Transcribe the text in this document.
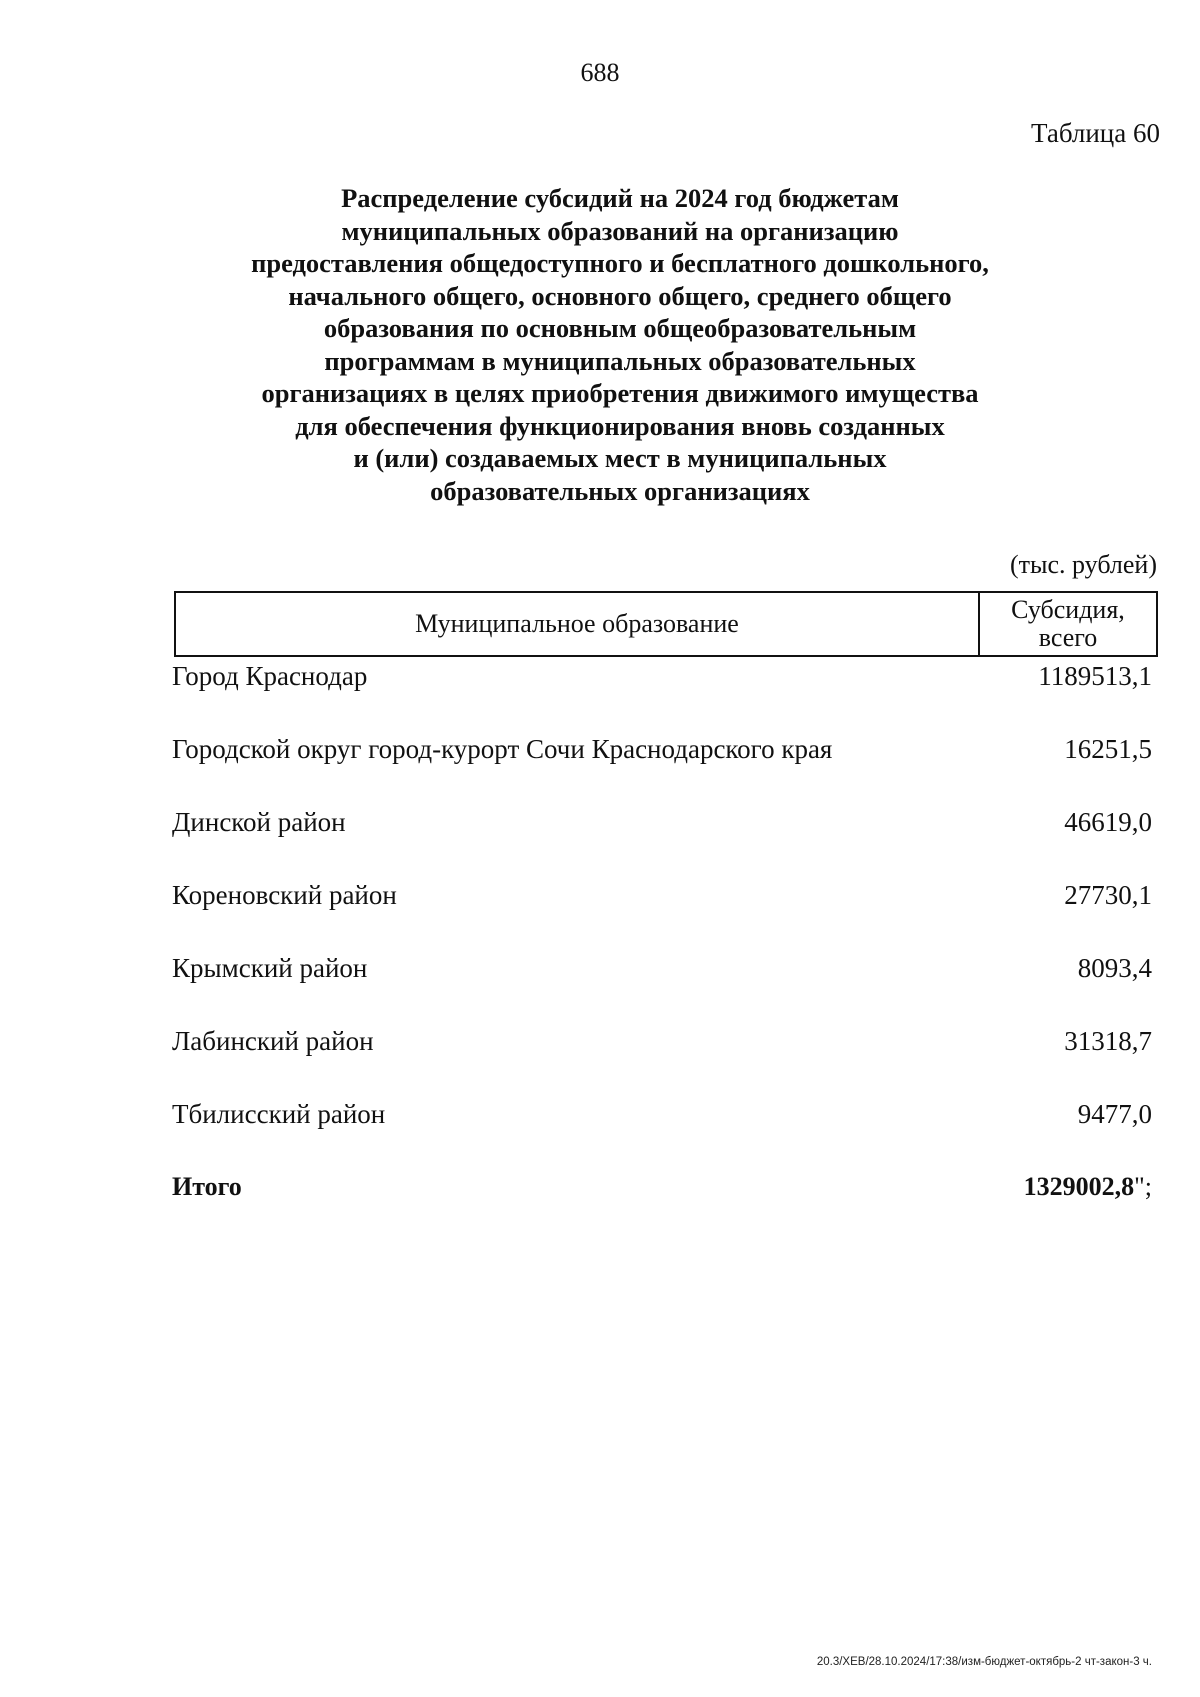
688
Таблица 60
Распределение субсидий на 2024 год бюджетам
муниципальных образований на организацию
предоставления общедоступного и бесплатного дошкольного,
начального общего, основного общего, среднего общего
образования по основным общеобразовательным
программам в муниципальных образовательных
организациях в целях приобретения движимого имущества
для обеспечения функционирования вновь созданных
и (или) создаваемых мест в муниципальных
образовательных организациях
(тыс. рублей)
Муниципальное образование	Субсидия,
всего
Город Краснодар	1189513,1
Городской округ город-курорт Сочи Краснодарского края	16251,5
Динской район	46619,0
Кореновский район	27730,1
Крымский район	8093,4
Лабинский район	31318,7
Тбилисский район	9477,0
Итого	1329002,8 ";
20.3/ХЕВ/28.10.2024/17:38/изм-бюджет-октябрь-2 чт-закон-3 ч.
